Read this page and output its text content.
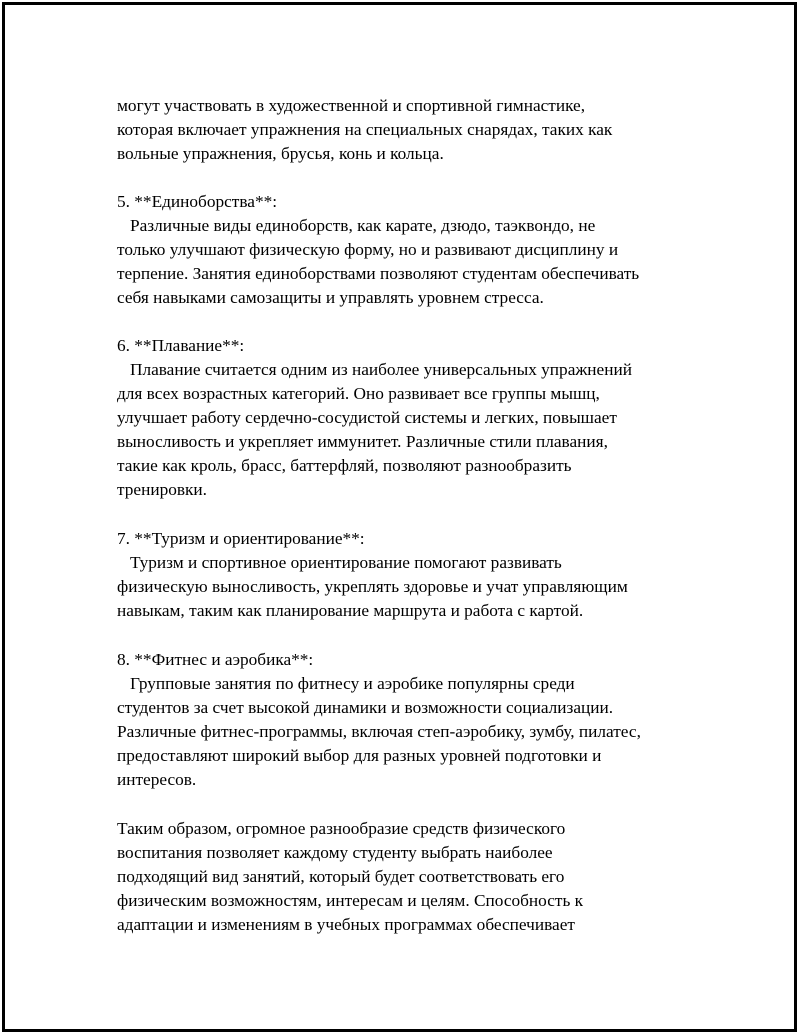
могут участвовать в художественной и спортивной гимнастике,
которая включает упражнения на специальных снарядах, таких как
вольные упражнения, брусья, конь и кольца.
5. **Единоборства**:
Различные виды единоборств, как карате, дзюдо, таэквондо, не
только улучшают физическую форму, но и развивают дисциплину и
терпение. Занятия единоборствами позволяют студентам обеспечивать
себя навыками самозащиты и управлять уровнем стресса.
6. **Плавание**:
Плавание считается одним из наиболее универсальных упражнений
для всех возрастных категорий. Оно развивает все группы мышц,
улучшает работу сердечно-сосудистой системы и легких, повышает
выносливость и укрепляет иммунитет. Различные стили плавания,
такие как кроль, брасс, баттерфляй, позволяют разнообразить
тренировки.
7. **Туризм и ориентирование**:
Туризм и спортивное ориентирование помогают развивать
физическую выносливость, укреплять здоровье и учат управляющим
навыкам, таким как планирование маршрута и работа с картой.
8. **Фитнес и аэробика**:
Групповые занятия по фитнесу и аэробике популярны среди
студентов за счет высокой динамики и возможности социализации.
Различные фитнес-программы, включая степ-аэробику, зумбу, пилатес,
предоставляют широкий выбор для разных уровней подготовки и
интересов.
Таким образом, огромное разнообразие средств физического
воспитания позволяет каждому студенту выбрать наиболее
подходящий вид занятий, который будет соответствовать его
физическим возможностям, интересам и целям. Способность к
адаптации и изменениям в учебных программах обеспечивает
